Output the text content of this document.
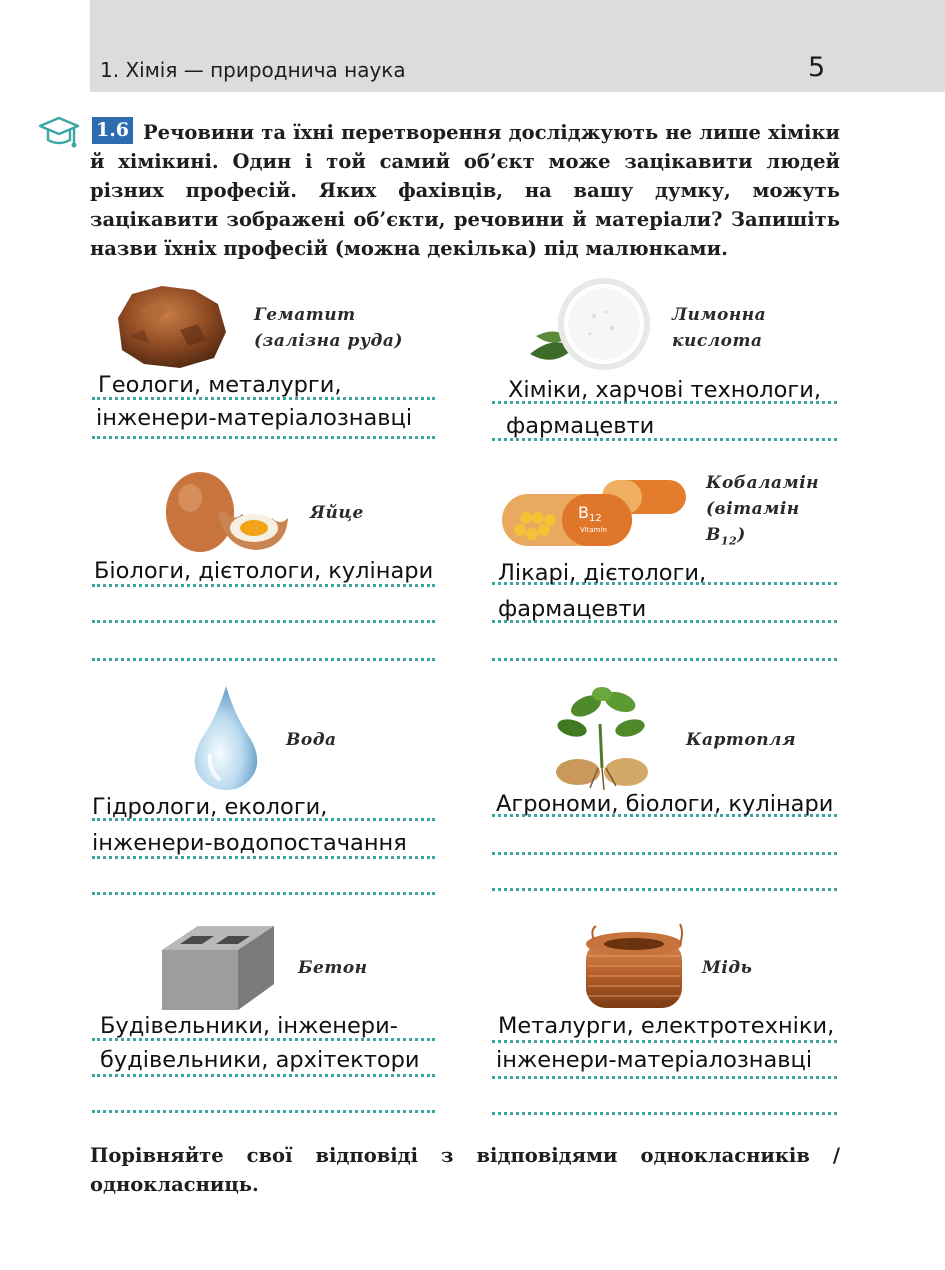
1. Хімія — природнича наука	5

Речовини та їхні перетворення досліджують не лише хіміки й хімікині. Один і той самий об’єкт може зацікавити людей різних професій. Яких фахівців, на вашу думку, можуть зацікавити зображені об’єкти, речовини й матеріали? Запишіть назви їхніх професій (можна декілька) під малюнками.

1.6
Гематит
(залізна руда)
Геологи, металурги,
інженери-матеріалознавці
Лимонна
кислота
Хіміки, харчові технологи,
фармацевти
Яйце
Біологи, дієтологи, кулінари
B12
Vitamin
Кобаламін
(вітамін
$B_{12}$)
Лікарі, дієтологи,
фармацевти
Вода
Гідрологи, екологи,
інженери-водопостачання
Картопля
Агрономи, біологи, кулінари
Бетон
Будівельники, інженери-
будівельники, архітектори
Мідь
Металурги, електротехніки,
інженери-матеріалознавці

Порівняйте свої відповіді з відповідями однокласників / однокласниць.
